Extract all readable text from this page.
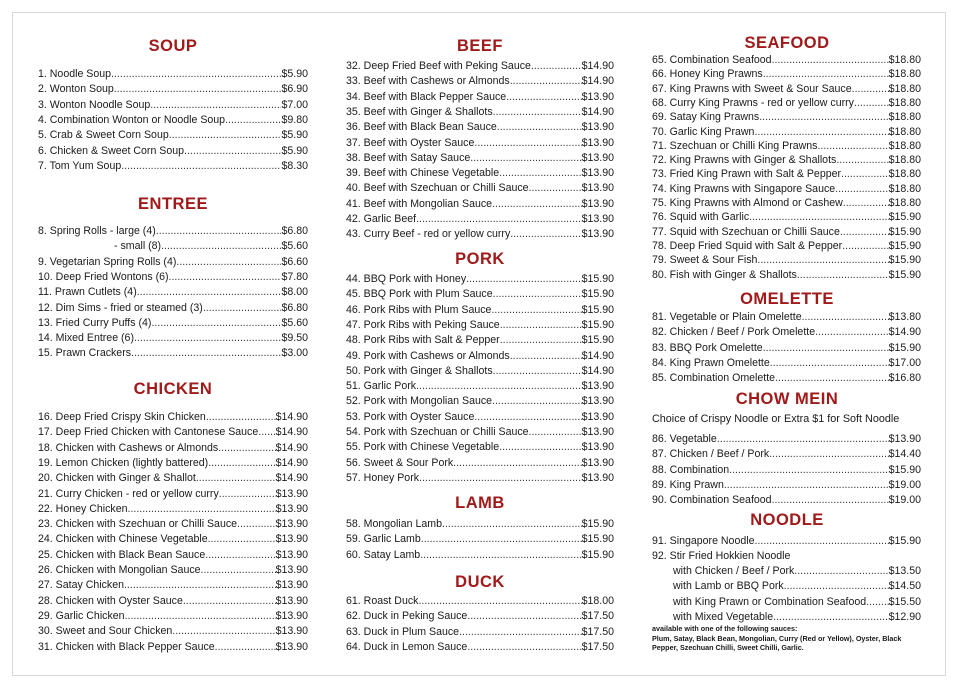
SOUP
1. Noodle Soup .....	$5.90
2. Wonton Soup .....	$6.90
3. Wonton Noodle Soup .....	$7.00
4. Combination Wonton or Noodle Soup .....	$9.80
5. Crab & Sweet Corn Soup .....	$5.90
6. Chicken & Sweet Corn Soup .....	$5.90
7. Tom Yum Soup .....	$8.30
ENTREE
8. Spring Rolls - large (4) .....	$6.80
- small (8) .....	$5.60
9. Vegetarian Spring Rolls (4) .....	$6.60
10. Deep Fried Wontons (6) .....	$7.80
11. Prawn Cutlets (4) .....	$8.00
12. Dim Sims - fried or steamed (3) .....	$6.80
13. Fried Curry Puffs (4) .....	$5.60
14. Mixed Entree (6) .....	$9.50
15. Prawn Crackers .....	$3.00
CHICKEN
16. Deep Fried Crispy Skin Chicken .....	$14.90
17. Deep Fried Chicken with Cantonese Sauce ..... $14.90
18. Chicken with Cashews or Almonds .....	$14.90
19. Lemon Chicken (lightly battered) .....	$14.90
20. Chicken with Ginger & Shallot .....	$14.90
21. Curry Chicken - red or yellow curry .....	$13.90
22. Honey Chicken .....	$13.90
23. Chicken with Szechuan or Chilli Sauce .....	$13.90
24. Chicken with Chinese Vegetable .....	$13.90
25. Chicken with Black Bean Sauce .....	$13.90
26. Chicken with Mongolian Sauce .....	$13.90
27. Satay Chicken .....	$13.90
28. Chicken with Oyster Sauce .....	$13.90
29. Garlic Chicken .....	$13.90
30. Sweet and Sour Chicken .....	$13.90
31. Chicken with Black Pepper Sauce .....	$13.90
BEEF
32. Deep Fried Beef with Peking Sauce .....	$14.90
33. Beef with Cashews or Almonds .....	$14.90
34. Beef with Black Pepper Sauce .....	$13.90
35. Beef with Ginger & Shallots .....	$14.90
36. Beef with Black Bean Sauce .....	$13.90
37. Beef with Oyster Sauce .....	$13.90
38. Beef with Satay Sauce .....	$13.90
39. Beef with Chinese Vegetable .....	$13.90
40. Beef with Szechuan or Chilli Sauce .....	$13.90
41. Beef with Mongolian Sauce .....	$13.90
42. Garlic Beef .....	$13.90
43. Curry Beef - red or yellow curry .....	$13.90
PORK
44. BBQ Pork with Honey .....	$15.90
45. BBQ Pork with Plum Sauce .....	$15.90
46. Pork Ribs with Plum Sauce .....	$15.90
47. Pork Ribs with Peking Sauce .....	$15.90
48. Pork Ribs with Salt & Pepper .....	$15.90
49. Pork with Cashews or Almonds .....	$14.90
50. Pork with Ginger & Shallots .....	$14.90
51. Garlic Pork .....	$13.90
52. Pork with Mongolian Sauce .....	$13.90
53. Pork with Oyster Sauce .....	$13.90
54. Pork with Szechuan or Chilli Sauce .....	$13.90
55. Pork with Chinese Vegetable .....	$13.90
56. Sweet & Sour Pork .....	$13.90
57. Honey Pork .....	$13.90
LAMB
58. Mongolian Lamb .....	$15.90
59. Garlic Lamb .....	$15.90
60. Satay Lamb .....	$15.90
DUCK
61. Roast Duck .....	$18.00
62. Duck in Peking Sauce .....	$17.50
63. Duck in Plum Sauce .....	$17.50
64. Duck in Lemon Sauce .....	$17.50
SEAFOOD
65. Combination Seafood .....	$18.80
66. Honey King Prawns .....	$18.80
67. King Prawns with Sweet & Sour Sauce .....	$18.80
68. Curry King Prawns - red or yellow curry .....	$18.80
69. Satay King Prawns .....	$18.80
70. Garlic King Prawn .....	$18.80
71. Szechuan or Chilli King Prawns .....	$18.80
72. King Prawns with Ginger & Shallots .....	$18.80
73. Fried King Prawn with Salt & Pepper .....	$18.80
74. King Prawns with Singapore Sauce .....	$18.80
75. King Prawns with Almond or Cashew .....	$18.80
76. Squid with Garlic .....	$15.90
77. Squid with Szechuan or Chilli Sauce .....	$15.90
78. Deep Fried Squid with Salt & Pepper .....	$15.90
79. Sweet & Sour Fish .....	$15.90
80. Fish with Ginger & Shallots .....	$15.90
OMELETTE
81. Vegetable or Plain Omelette .....	$13.80
82. Chicken / Beef / Pork Omelette .....	$14.90
83. BBQ Pork Omelette .....	$15.90
84. King Prawn Omelette .....	$17.00
85. Combination Omelette .....	$16.80
CHOW MEIN
Choice of Crispy Noodle or Extra $1 for Soft Noodle
86. Vegetable .....	$13.90
87. Chicken / Beef / Pork .....	$14.40
88. Combination .....	$15.90
89. King Prawn .....	$19.00
90. Combination Seafood .....	$19.00
NOODLE
91. Singapore Noodle .....	$15.90
92. Stir Fried Hokkien Noodle
with Chicken / Beef / Pork .....	$13.50
with Lamb or BBQ Pork .....	$14.50
with King Prawn or Combination Seafood ..... $15.50
with Mixed Vegetable .....	$12.90
available with one of the following sauces:
Plum, Satay, Black Bean, Mongolian, Curry (Red or Yellow), Oyster, Black Pepper, Szechuan Chilli, Sweet Chilli, Garlic.
